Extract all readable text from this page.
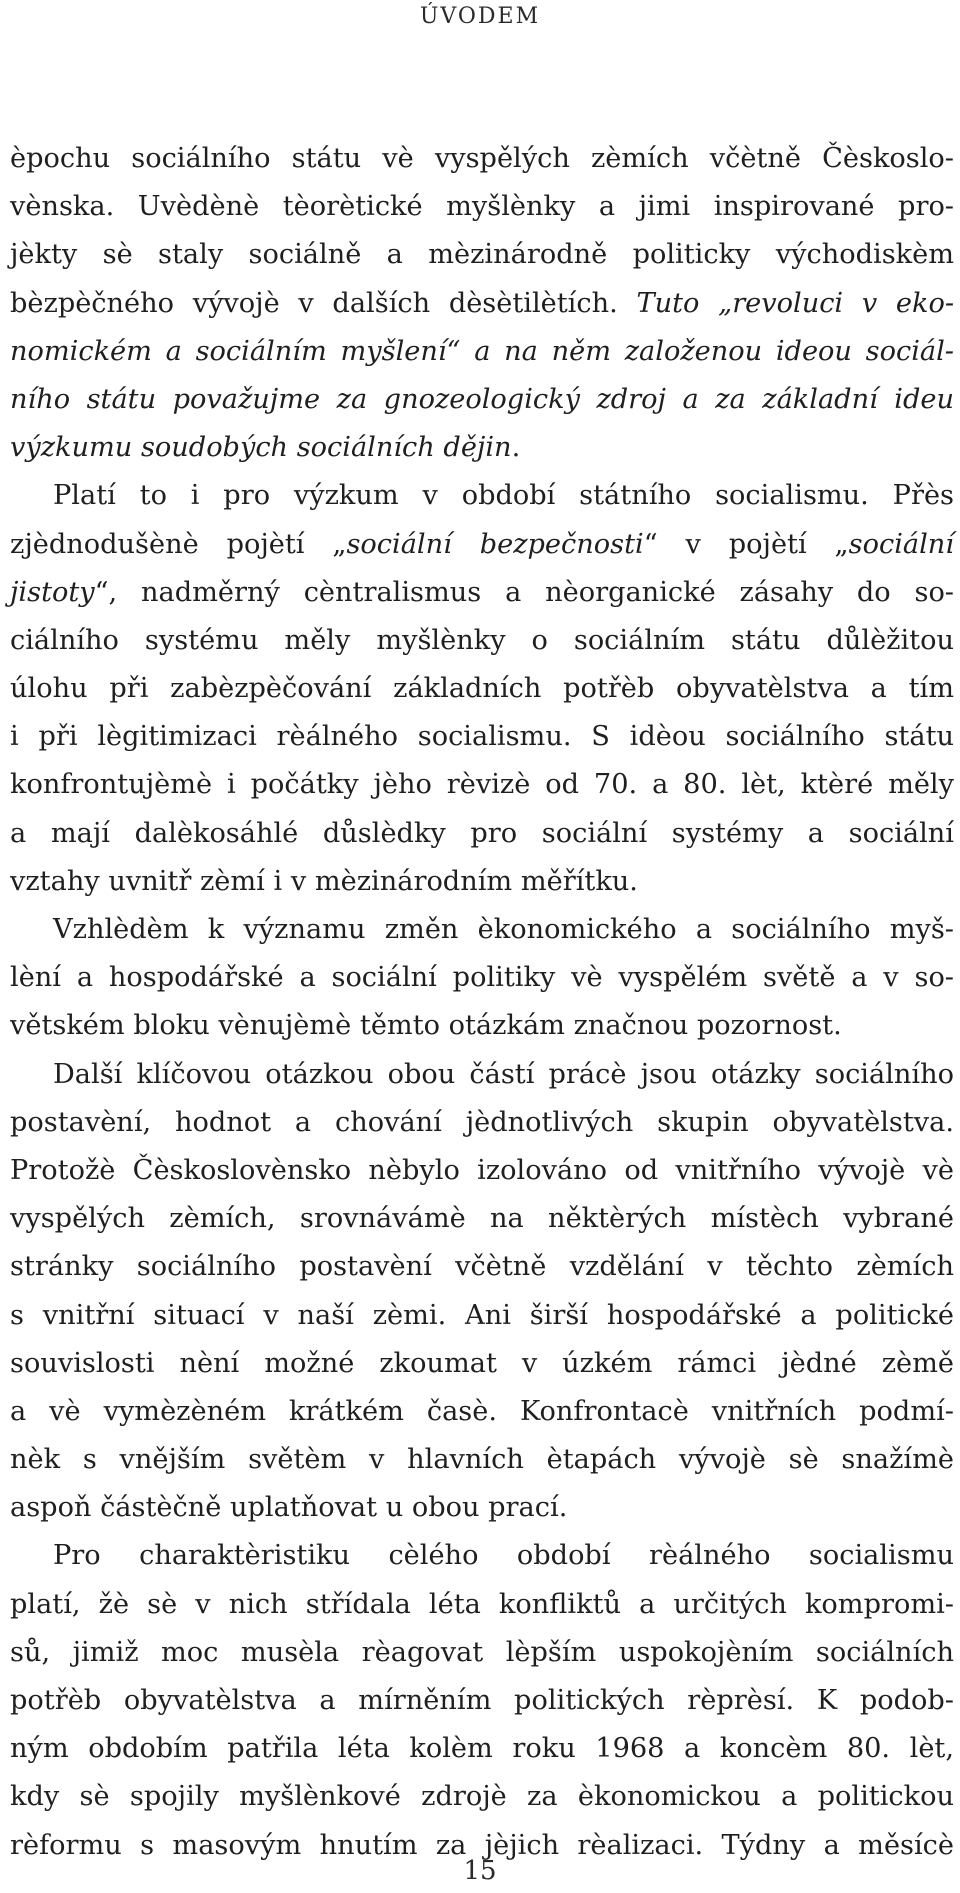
ÚVODEM
èpochu sociálního státu vè vyspělých zèmích včètně Čèskoslo-
vènska. Uvèdènè tèorètické myšlènky a jimi inspirované pro-
jèkty sè staly sociálně a mèzinárodně politicky východiskèm
bèzpèčného vývojè v dalších dèsètilètích. Tuto „revoluci v eko-
nomickém a sociálním myšlení“ a na něm založenou ideou sociál-
ního státu považujme za gnozeologický zdroj a za základní ideu
výzkumu soudobých sociálních dějin.
Platí to i pro výzkum v období státního socialismu. Přès
zjèdnodušènè pojètí „sociální bezpečnosti“ v pojètí „sociální
jistoty“, nadměrný cèntralismus a nèorganické zásahy do so-
ciálního systému měly myšlènky o sociálním státu důlèžitou
úlohu při zabèzpèčování základních potřèb obyvatèlstva a tím
i při lègitimizaci rèálného socialismu. S idèou sociálního státu
konfrontujèmè i počátky jèho rèvizè od 70. a 80. lèt, ktèré měly
a mají dalèkosáhlé důslèdky pro sociální systémy a sociální
vztahy uvnitř zèmí i v mèzinárodním měřítku.
Vzhlèdèm k významu změn èkonomického a sociálního myš-
lèní a hospodářské a sociální politiky vè vyspělém světě a v so-
větském bloku vènujèmè těmto otázkám značnou pozornost.
Další klíčovou otázkou obou částí prácè jsou otázky sociálního
postavèní, hodnot a chování jèdnotlivých skupin obyvatèlstva.
Protožè Čèskoslovènsko nèbylo izolováno od vnitřního vývojè vè
vyspělých zèmích, srovnávámè na něktèrých místèch vybrané
stránky sociálního postavèní včètně vzdělání v těchto zèmích
s vnitřní situací v naší zèmi. Ani širší hospodářské a politické
souvislosti nèní možné zkoumat v úzkém rámci jèdné zèmě
a vè vymèzèném krátkém časè. Konfrontacè vnitřních podmí-
nèk s vnějším světèm v hlavních ètapách vývojè sè snažímè
aspoň částèčně uplatňovat u obou prací.
Pro charaktèristiku cèlého období rèálného socialismu
platí, žè sè v nich střídala léta konfliktů a určitých kompromi-
sů, jimiž moc musèla rèagovat lèpším uspokojèním sociálních
potřèb obyvatèlstva a mírněním politických rèprèsí. K podob-
ným obdobím patřila léta kolèm roku 1968 a koncèm 80. lèt,
kdy sè spojily myšlènkové zdrojè za èkonomickou a politickou
rèformu s masovým hnutím za jèjich rèalizaci. Týdny a měsícè
15
